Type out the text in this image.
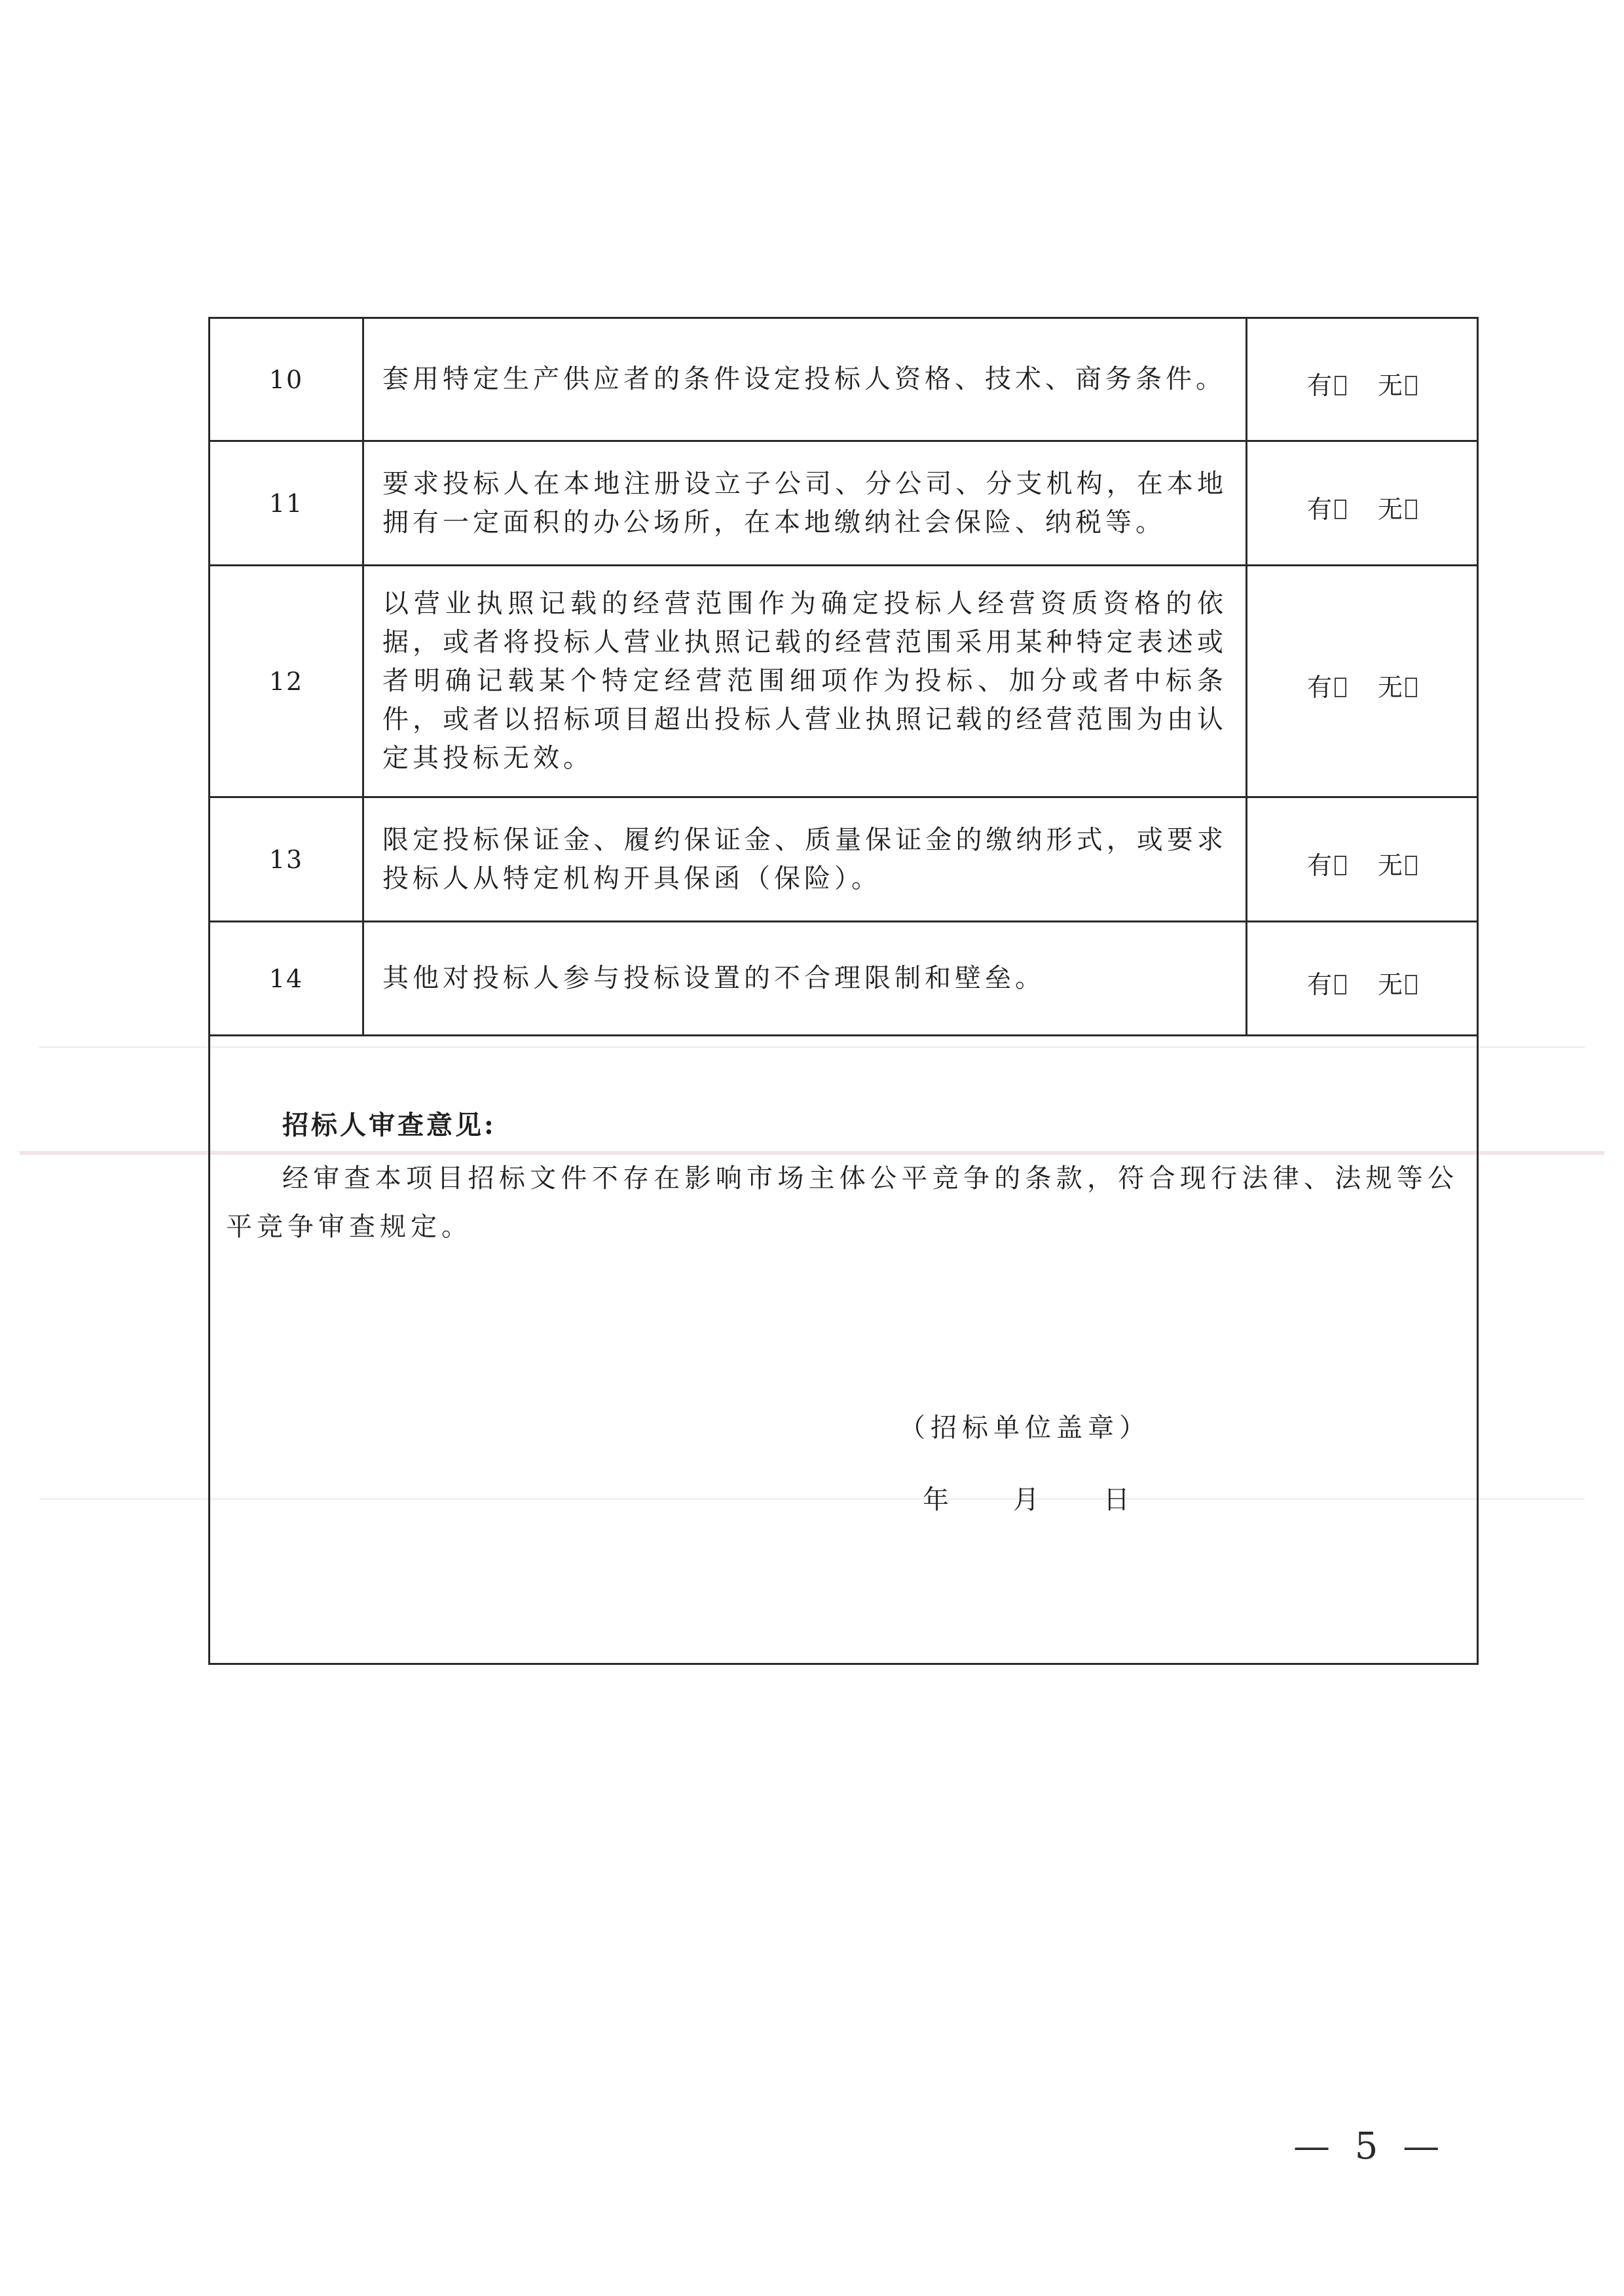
10	套用特定生产供应者的条件设定投标人资格、技术、商务条件。	有 无
11	要求投标人在本地注册设立子公司、分公司、分支机构，在本地拥有一定面积的办公场所，在本地缴纳社会保险、纳税等。	有 无
12	以营业执照记载的经营范围作为确定投标人经营资质资格的依据，或者将投标人营业执照记载的经营范围采用某种特定表述或者明确记载某个特定经营范围细项作为投标、加分或者中标条件，或者以招标项目超出投标人营业执照记载的经营范围为由认定其投标无效。	有 无
13	限定投标保证金、履约保证金、质量保证金的缴纳形式，或要求投标人从特定机构开具保函（保险）。	有 无
14	其他对投标人参与投标设置的不合理限制和壁垒。	有 无

招标人审查意见:
经审查本项目招标文件不存在影响市场主体公平竞争的条款，符合现行法律、法规等公平竞争审查规定。
（招标单位盖章）
年 月 日		
— 5 —
